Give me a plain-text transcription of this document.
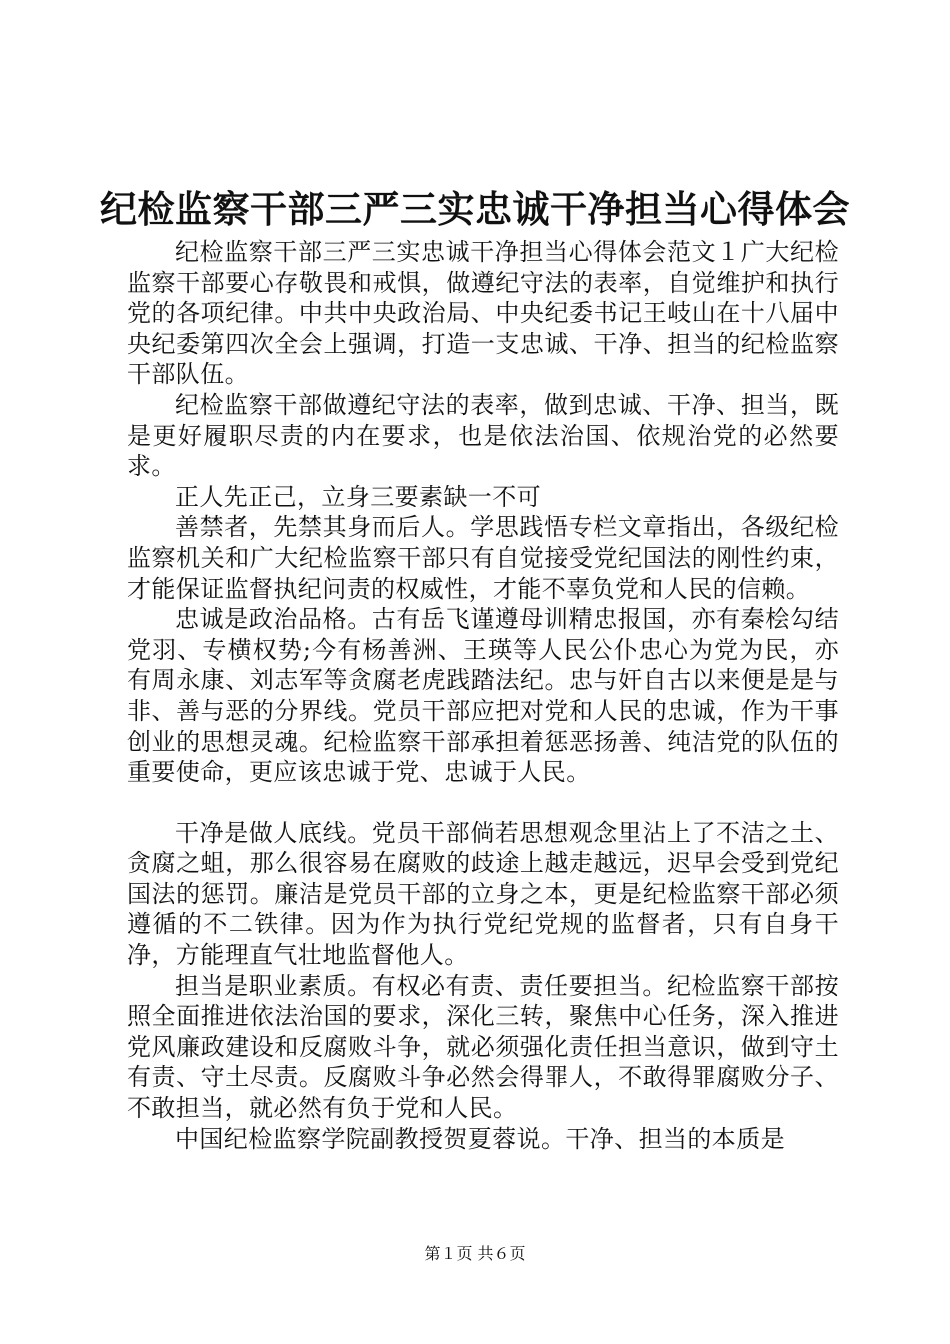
纪检监察干部三严三实忠诚干净担当心得体会

纪检监察干部三严三实忠诚干净担当心得体会范文１广大纪检监察干部要心存敬畏和戒惧，做遵纪守法的表率，自觉维护和执行党的各项纪律。中共中央政治局、中央纪委书记王岐山在十八届中央纪委第四次全会上强调，打造一支忠诚、干净、担当的纪检监察干部队伍。

纪检监察干部做遵纪守法的表率，做到忠诚、干净、担当，既是更好履职尽责的内在要求，也是依法治国、依规治党的必然要求。

正人先正己，立身三要素缺一不可

善禁者，先禁其身而后人。学思践悟专栏文章指出，各级纪检监察机关和广大纪检监察干部只有自觉接受党纪国法的刚性约束，才能保证监督执纪问责的权威性，才能不辜负党和人民的信赖。

忠诚是政治品格。古有岳飞谨遵母训精忠报国，亦有秦桧勾结党羽、专横权势;今有杨善洲、王瑛等人民公仆忠心为党为民，亦有周永康、刘志军等贪腐老虎践踏法纪。忠与奸自古以来便是是与非、善与恶的分界线。党员干部应把对党和人民的忠诚，作为干事创业的思想灵魂。纪检监察干部承担着惩恶扬善、纯洁党的队伍的重要使命，更应该忠诚于党、忠诚于人民。

干净是做人底线。党员干部倘若思想观念里沾上了不洁之土、贪腐之蛆，那么很容易在腐败的歧途上越走越远，迟早会受到党纪国法的惩罚。廉洁是党员干部的立身之本，更是纪检监察干部必须遵循的不二铁律。因为作为执行党纪党规的监督者，只有自身干净，方能理直气壮地监督他人。

担当是职业素质。有权必有责、责任要担当。纪检监察干部按照全面推进依法治国的要求，深化三转，聚焦中心任务，深入推进党风廉政建设和反腐败斗争，就必须强化责任担当意识，做到守土有责、守土尽责。反腐败斗争必然会得罪人，不敢得罪腐败分子、不敢担当，就必然有负于党和人民。

中国纪检监察学院副教授贺夏蓉说。干净、担当的本质是

第１页 共６页
